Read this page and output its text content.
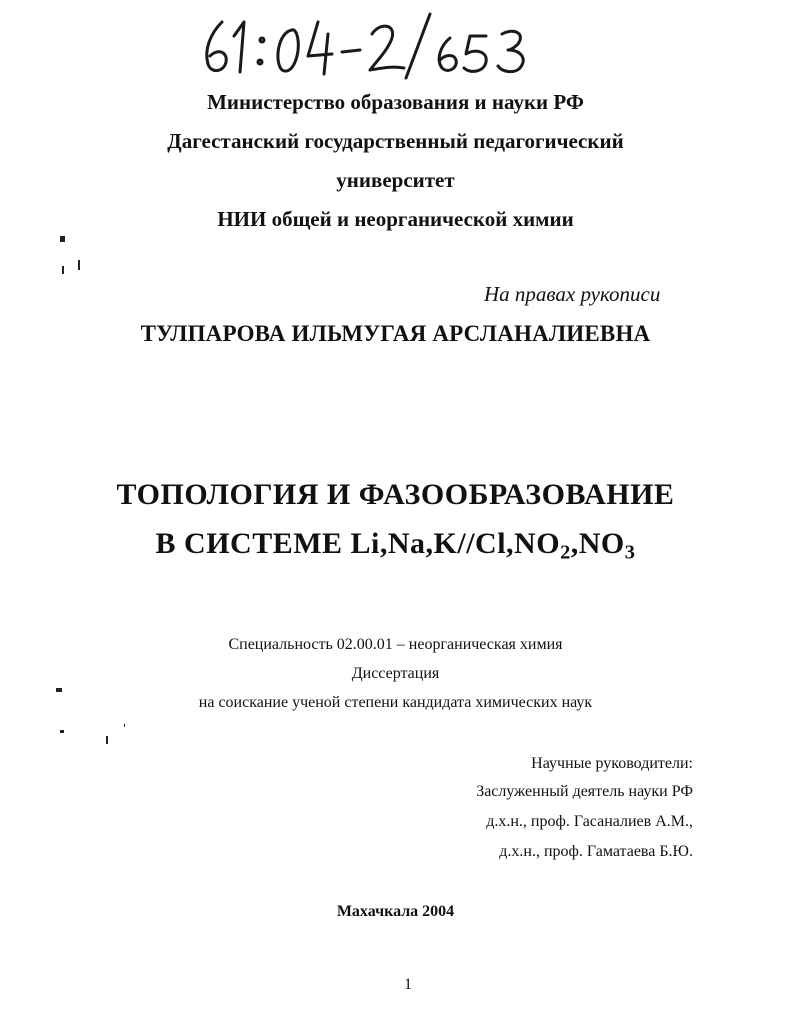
Министерство образования и науки РФ
Дагестанский государственный педагогический
университет
НИИ общей и неорганической химии
На правах рукописи
ТУЛПАРОВА ИЛЬМУГАЯ АРСЛАНАЛИЕВНА
ТОПОЛОГИЯ И ФАЗООБРАЗОВАНИЕ
В СИСТЕМЕ $Li,Na,K//Cl,NO_2,NO_3$
Специальность 02.00.01 – неорганическая химия
Диссертация
на соискание ученой степени кандидата химических наук
Научные руководители:
Заслуженный деятель науки РФ
д.х.н., проф. Гасаналиев А.М.,
д.х.н., проф. Гаматаева Б.Ю.
Махачкала 2004
1
